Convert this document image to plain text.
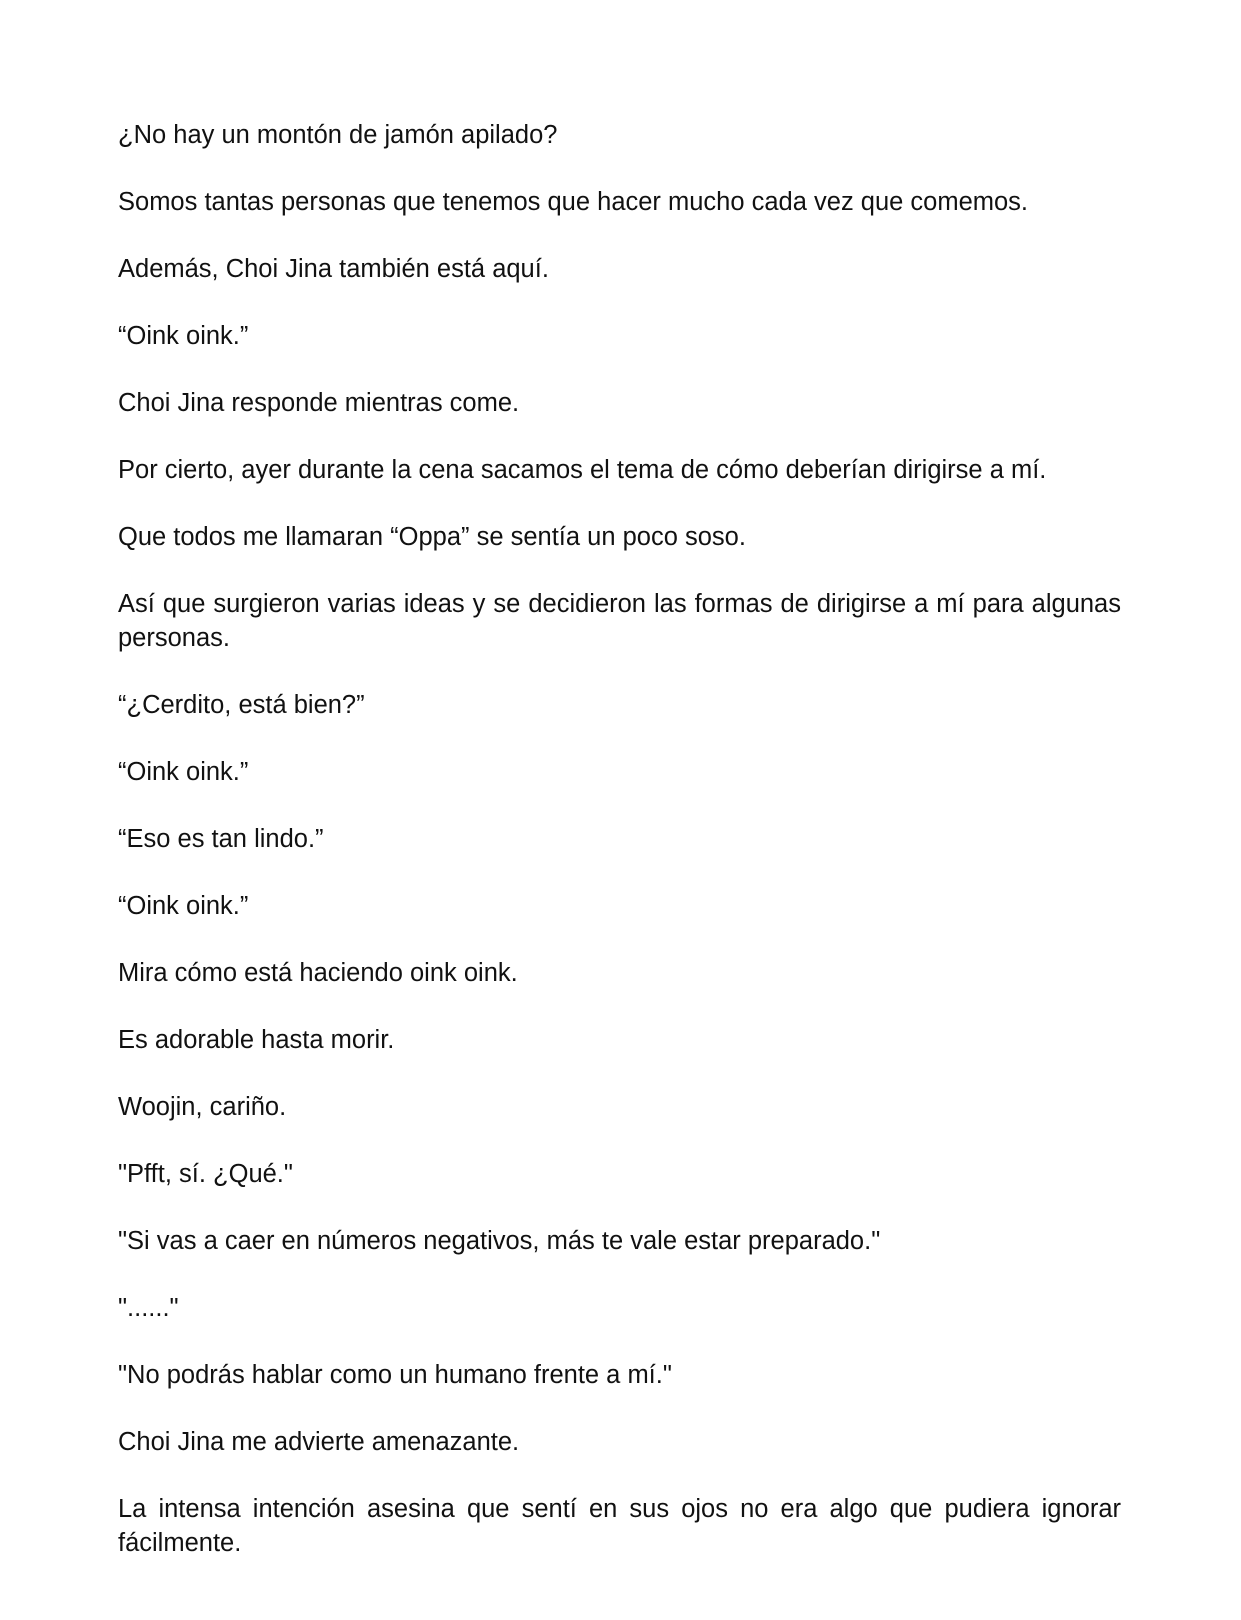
¿No hay un montón de jamón apilado?

Somos tantas personas que tenemos que hacer mucho cada vez que comemos.

Además, Choi Jina también está aquí.

“Oink oink.”

Choi Jina responde mientras come.

Por cierto, ayer durante la cena sacamos el tema de cómo deberían dirigirse a mí.

Que todos me llamaran “Oppa” se sentía un poco soso.

Así que surgieron varias ideas y se decidieron las formas de dirigirse a mí para algunas personas.

“¿Cerdito, está bien?”

“Oink oink.”

“Eso es tan lindo.”

“Oink oink.”

Mira cómo está haciendo oink oink.

Es adorable hasta morir.

Woojin, cariño.

"Pfft, sí. ¿Qué."

"Si vas a caer en números negativos, más te vale estar preparado."

"......"

"No podrás hablar como un humano frente a mí."

Choi Jina me advierte amenazante.

La intensa intención asesina que sentí en sus ojos no era algo que pudiera ignorar fácilmente.
